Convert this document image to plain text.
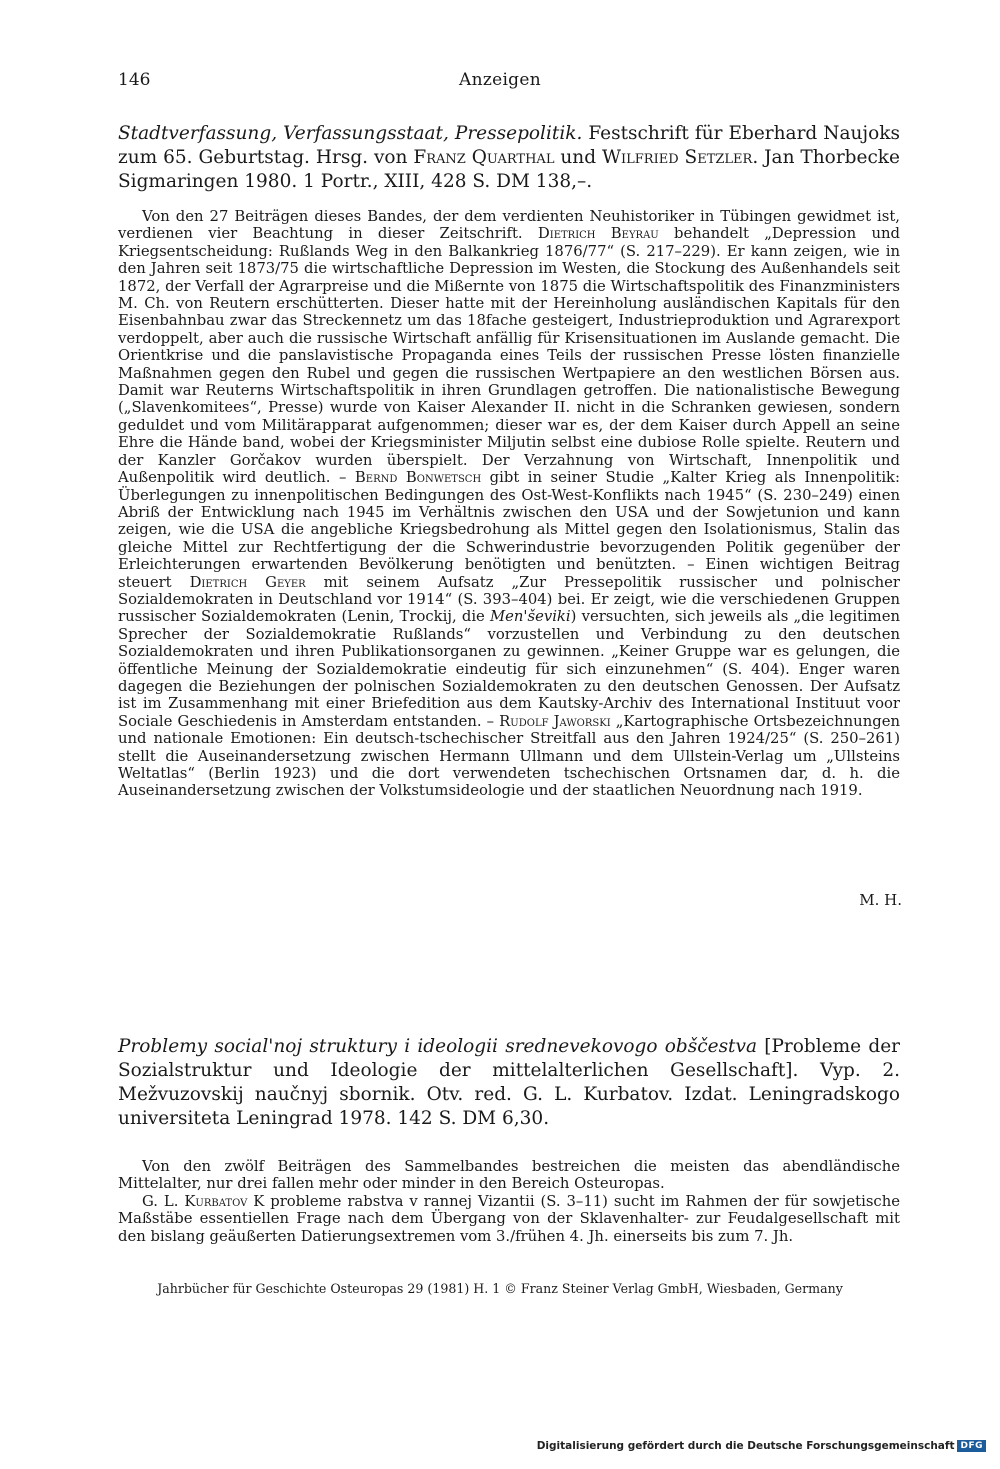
146	Anzeigen
Stadtverfassung, Verfassungsstaat, Pressepolitik. Festschrift für Eberhard Naujoks zum 65. Geburtstag. Hrsg. von Franz Quarthal und Wilfried Setzler. Jan Thorbecke Sigmaringen 1980. 1 Portr., XIII, 428 S. DM 138,–.

Von den 27 Beiträgen dieses Bandes, der dem verdienten Neuhistoriker in Tübingen gewidmet ist, verdienen vier Beachtung in dieser Zeitschrift. Dietrich Beyrau behandelt „Depression und Kriegsentscheidung: Rußlands Weg in den Balkankrieg 1876/77“ (S. 217–229). Er kann zeigen, wie in den Jahren seit 1873/75 die wirtschaftliche Depression im Westen, die Stockung des Außenhandels seit 1872, der Verfall der Agrarpreise und die Mißernte von 1875 die Wirtschaftspolitik des Finanzministers M. Ch. von Reutern erschütterten. Dieser hatte mit der Hereinholung ausländischen Kapitals für den Eisenbahnbau zwar das Streckennetz um das 18fache gesteigert, Industrieproduktion und Agrarexport verdoppelt, aber auch die russische Wirtschaft anfällig für Krisensituationen im Auslande gemacht. Die Orientkrise und die panslavistische Propaganda eines Teils der russischen Presse lösten finanzielle Maßnahmen gegen den Rubel und gegen die russischen Wertpapiere an den westlichen Börsen aus. Damit war Reuterns Wirtschaftspolitik in ihren Grundlagen getroffen. Die nationalistische Bewegung („Slavenkomitees“, Presse) wurde von Kaiser Alexander II. nicht in die Schranken gewiesen, sondern geduldet und vom Militärapparat aufgenommen; dieser war es, der dem Kaiser durch Appell an seine Ehre die Hände band, wobei der Kriegsminister Miljutin selbst eine dubiose Rolle spielte. Reutern und der Kanzler Gorčakov wurden überspielt. Der Verzahnung von Wirtschaft, Innenpolitik und Außenpolitik wird deutlich. – Bernd Bonwetsch gibt in seiner Studie „Kalter Krieg als Innenpolitik: Überlegungen zu innenpolitischen Bedingungen des Ost-West-Konflikts nach 1945“ (S. 230–249) einen Abriß der Entwicklung nach 1945 im Verhältnis zwischen den USA und der Sowjetunion und kann zeigen, wie die USA die angebliche Kriegsbedrohung als Mittel gegen den Isolationismus, Stalin das gleiche Mittel zur Rechtfertigung der die Schwerindustrie bevorzugenden Politik gegenüber der Erleichterungen erwartenden Bevölkerung benötigten und benützten. – Einen wichtigen Beitrag steuert Dietrich Geyer mit seinem Aufsatz „Zur Pressepolitik russischer und polnischer Sozialdemokraten in Deutschland vor 1914“ (S. 393–404) bei. Er zeigt, wie die verschiedenen Gruppen russischer Sozialdemokraten (Lenin, Trockij, die Men'ševiki) versuchten, sich jeweils als „die legitimen Sprecher der Sozialdemokratie Rußlands“ vorzustellen und Verbindung zu den deutschen Sozialdemokraten und ihren Publikationsorganen zu gewinnen. „Keiner Gruppe war es gelungen, die öffentliche Meinung der Sozialdemokratie eindeutig für sich einzunehmen“ (S. 404). Enger waren dagegen die Beziehungen der polnischen Sozialdemokraten zu den deutschen Genossen. Der Aufsatz ist im Zusammenhang mit einer Briefedition aus dem Kautsky-Archiv des International Instituut voor Sociale Geschiedenis in Amsterdam entstanden. – Rudolf Jaworski „Kartographische Ortsbezeichnungen und nationale Emotionen: Ein deutsch-tschechischer Streitfall aus den Jahren 1924/25“ (S. 250–261) stellt die Auseinandersetzung zwischen Hermann Ullmann und dem Ullstein-Verlag um „Ullsteins Weltatlas“ (Berlin 1923) und die dort verwendeten tschechischen Ortsnamen dar, d. h. die Auseinandersetzung zwischen der Volkstumsideologie und der staatlichen Neuordnung nach 1919.

M. H.
Problemy social'noj struktury i ideologii srednevekovogo obščestva [Probleme der Sozialstruktur und Ideologie der mittelalterlichen Gesellschaft]. Vyp. 2. Mežvuzovskij naučnyj sbornik. Otv. red. G. L. Kurbatov. Izdat. Leningradskogo universiteta Leningrad 1978. 142 S. DM 6,30.

Von den zwölf Beiträgen des Sammelbandes bestreichen die meisten das abendländische Mittelalter, nur drei fallen mehr oder minder in den Bereich Osteuropas.

G. L. Kurbatov K probleme rabstva v rannej Vizantii (S. 3–11) sucht im Rahmen der für sowjetische Maßstäbe essentiellen Frage nach dem Übergang von der Sklavenhalter- zur Feudalgesellschaft mit den bislang geäußerten Datierungsextremen vom 3./frühen 4. Jh. einerseits bis zum 7. Jh.

Jahrbücher für Geschichte Osteuropas 29 (1981) H. 1 © Franz Steiner Verlag GmbH, Wiesbaden, Germany
Digitalisierung gefördert durch die Deutsche Forschungsgemeinschaft DFG
